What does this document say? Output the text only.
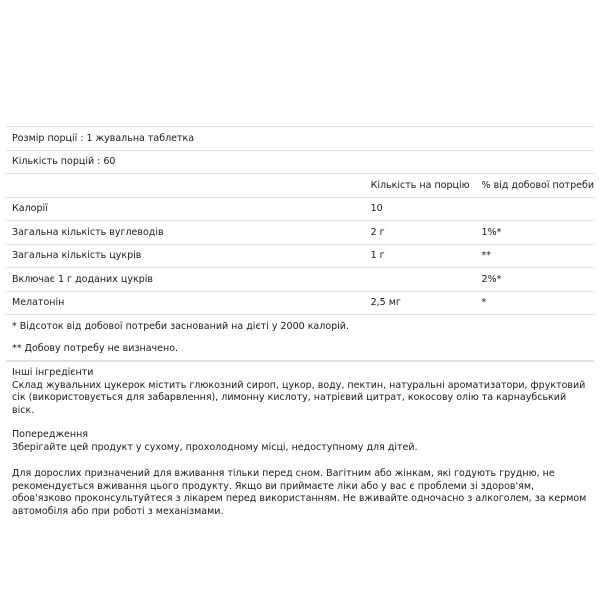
Розмір порції : 1 жувальна таблетка		
Кількість порцій : 60		
	Кількість на порцію	% від добової потреби
Калорії	10	
Загальна кількість вуглеводів	2 г	1%*
Загальна кількість цукрів	1 г	**
Включає 1 г доданих цукрів		2%*
Мелатонін	2,5 мг	*
* Відсоток від добової потреби заснований на дієті у 2000 калорій.		
** Добову потребу не визначено.		
Інші інгредієнти
Склад жувальних цукерок містить глюкозний сироп, цукор, воду, пектин, натуральні ароматизатори, фруктовий сік (використовується для забарвлення), лимонну кислоту, натрієвий цитрат, кокосову олію та карнаубський віск.
Попередження
Зберігайте цей продукт у сухому, прохолодному місці, недоступному для дітей.
Для дорослих призначений для вживання тільки перед сном. Вагітним або жінкам, які годують грудню, не рекомендується вживання цього продукту. Якщо ви приймаєте ліки або у вас є проблеми зі здоров'ям, обов'язково проконсультуйтеся з лікарем перед використанням. Не вживайте одночасно з алкоголем, за кермом автомобіля або при роботі з механізмами.
